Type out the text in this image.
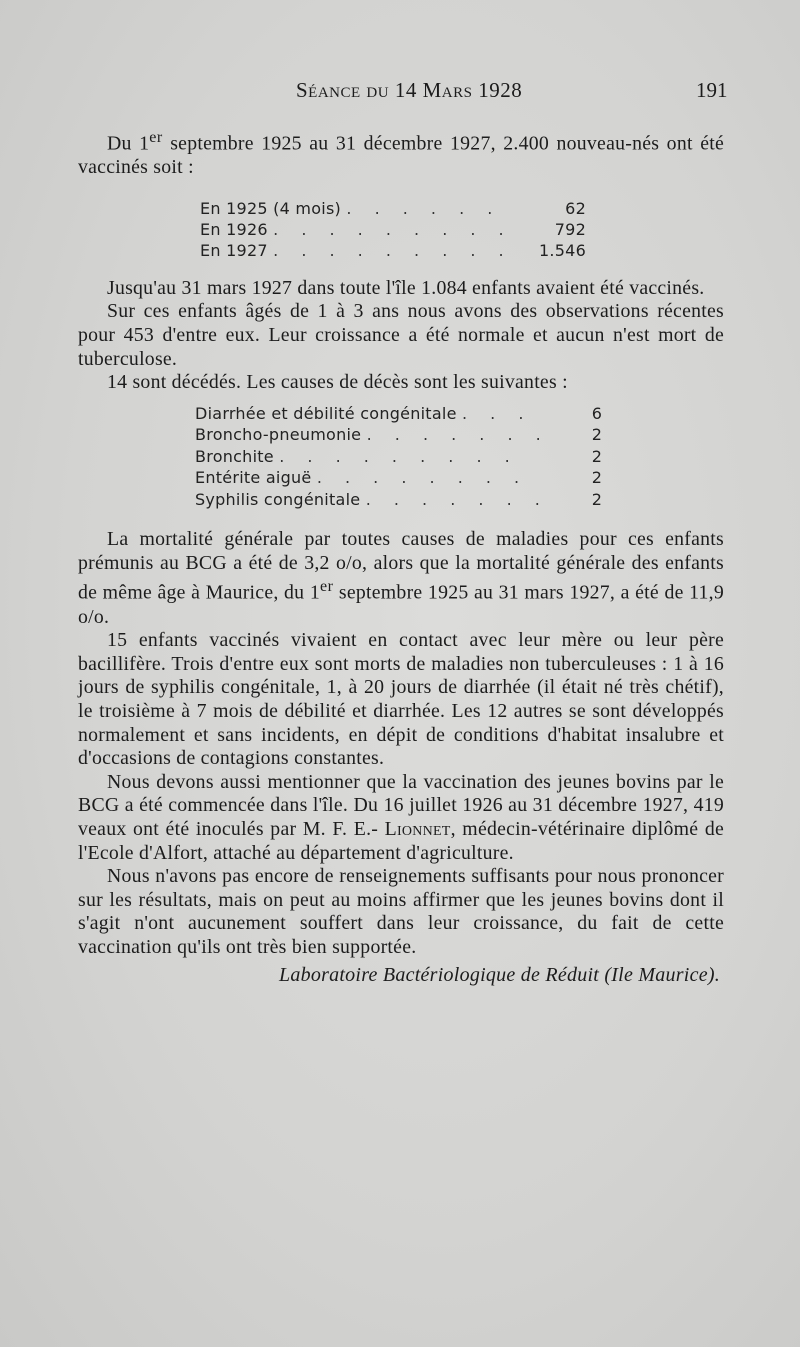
Séance du 14 Mars 1928	191

Du 1er septembre 1925 au 31 décembre 1927, 2.400 nouveau-nés ont été vaccinés soit :

En 1925 (4 mois) . . . . . .	62
En 1926 . . . . . . . . .	792
En 1927 . . . . . . . . .	1.546

Jusqu'au 31 mars 1927 dans toute l'île 1.084 enfants avaient été vaccinés.

Sur ces enfants âgés de 1 à 3 ans nous avons des observations récentes pour 453 d'entre eux. Leur croissance a été normale et aucun n'est mort de tuberculose.

14 sont décédés. Les causes de décès sont les suivantes :

Diarrhée et débilité congénitale . . .	6
Broncho-pneumonie . . . . . . .	2
Bronchite . . . . . . . . .	2
Entérite aiguë . . . . . . . .	2
Syphilis congénitale . . . . . . .	2

La mortalité générale par toutes causes de maladies pour ces enfants prémunis au BCG a été de 3,2 o/o, alors que la mortalité générale des enfants de même âge à Maurice, du 1er septembre 1925 au 31 mars 1927, a été de 11,9 o/o.

15 enfants vaccinés vivaient en contact avec leur mère ou leur père bacillifère. Trois d'entre eux sont morts de maladies non tuberculeuses : 1 à 16 jours de syphilis congénitale, 1, à 20 jours de diarrhée (il était né très chétif), le troisième à 7 mois de débilité et diarrhée. Les 12 autres se sont développés normalement et sans incidents, en dépit de conditions d'habitat insalubre et d'occasions de contagions constantes.

Nous devons aussi mentionner que la vaccination des jeunes bovins par le BCG a été commencée dans l'île. Du 16 juillet 1926 au 31 décembre 1927, 419 veaux ont été inoculés par M. F. E.- Lionnet, médecin-vétérinaire diplômé de l'Ecole d'Alfort, attaché au département d'agriculture.

Nous n'avons pas encore de renseignements suffisants pour nous prononcer sur les résultats, mais on peut au moins affirmer que les jeunes bovins dont il s'agit n'ont aucunement souffert dans leur croissance, du fait de cette vaccination qu'ils ont très bien supportée.

Laboratoire Bactériologique de Réduit (Ile Maurice).
